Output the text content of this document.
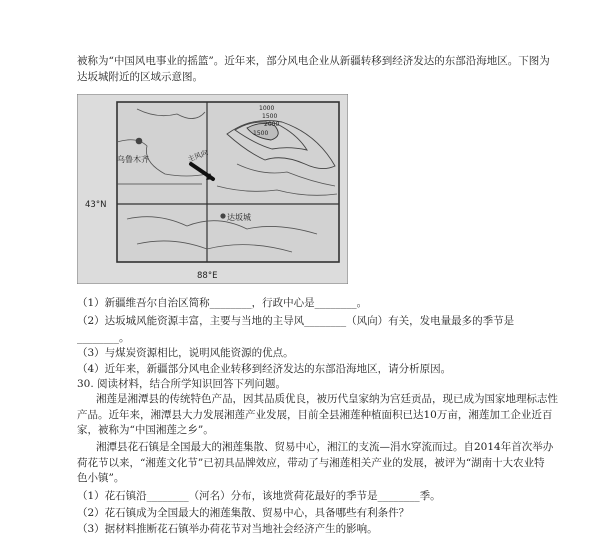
被称为“中国风电事业的摇篮”。近年来，部分风电企业从新疆转移到经济发达的东部沿海地区。下图为
达坂城附近的区域示意图。
乌鲁木齐
达坂城
主风向
43°N
88°E
1000
1500
2000
1500
（1）新疆维吾尔自治区简称________，行政中心是________。
（2）达坂城风能资源丰富，主要与当地的主导风________（风向）有关，发电量最多的季节是
________。
（3）与煤炭资源相比，说明风能资源的优点。
（4）近年来，新疆部分风电企业转移到经济发达的东部沿海地区，请分析原因。
30. 阅读材料，结合所学知识回答下列问题。
湘莲是湘潭县的传统特色产品，因其品质优良，被历代皇家纳为宫廷贡品，现已成为国家地理标志性
产品。近年来，湘潭县大力发展湘莲产业发展，目前全县湘莲种植面积已达10万亩，湘莲加工企业近百
家，被称为“中国湘莲之乡”。
湘潭县花石镇是全国最大的湘莲集散、贸易中心，湘江的支流—涓水穿流而过。自2014年首次举办
荷花节以来，“湘莲文化节”已初具品牌效应，带动了与湘莲相关产业的发展，被评为“湖南十大农业特
色小镇”。
（1）花石镇沿________（河名）分布，该地赏荷花最好的季节是________季。
（2）花石镇成为全国最大的湘莲集散、贸易中心，具备哪些有利条件？
（3）据材料推断花石镇举办荷花节对当地社会经济产生的影响。
